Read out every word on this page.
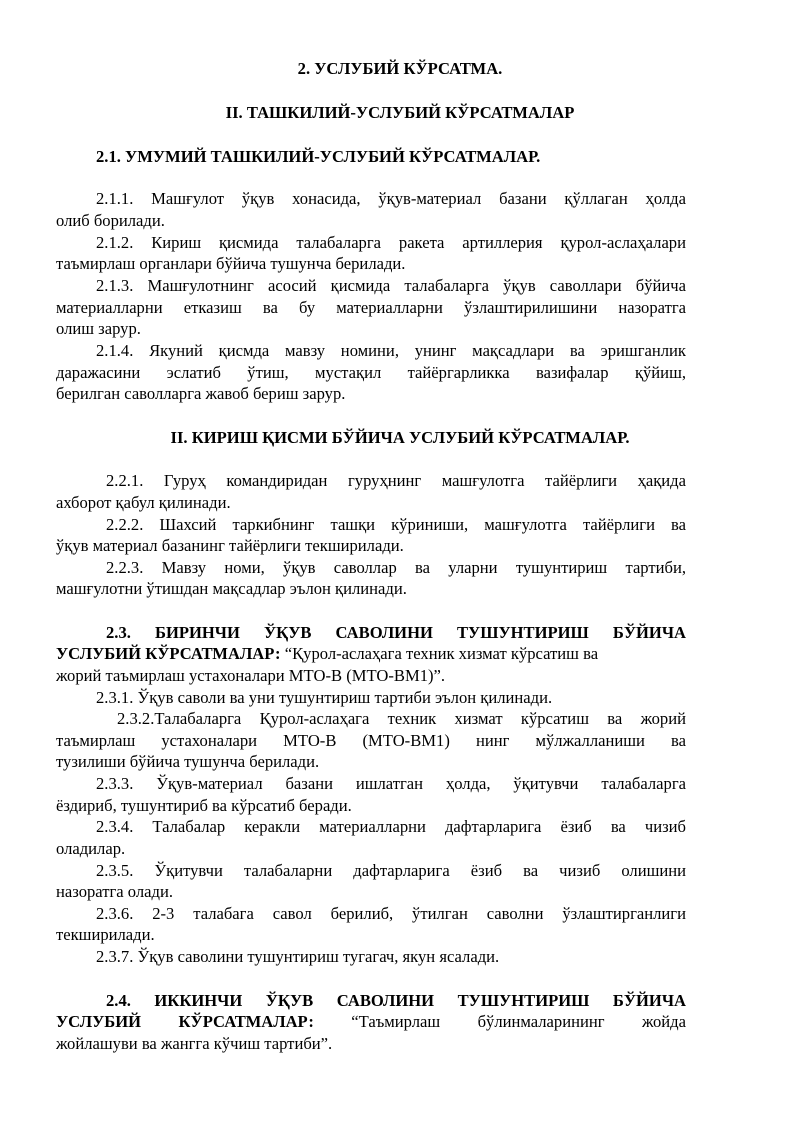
2. УСЛУБИЙ КЎРСАТМА.
II. ТАШКИЛИЙ-УСЛУБИЙ КЎРСАТМАЛАР
2.1. УМУМИЙ ТАШКИЛИЙ-УСЛУБИЙ КЎРСАТМАЛАР.
2.1.1. Машғулот ўқув хонасида, ўқув-материал базани қўллаган ҳолда
олиб борилади.
2.1.2. Кириш қисмида талабаларга ракета артиллерия қурол-аслаҳалари
таъмирлаш органлари бўйича тушунча берилади.
2.1.3. Машғулотнинг асосий қисмида талабаларга ўқув саволлари бўйича
материалларни етказиш ва бу материалларни ўзлаштирилишини назоратга
олиш зарур.
2.1.4. Якуний қисмда мавзу номини, унинг мақсадлари ва эришганлик
даражасини эслатиб ўтиш, мустақил тайёргарликка вазифалар қўйиш,
берилган саволларга жавоб бериш зарур.
II. КИРИШ ҚИСМИ БЎЙИЧА УСЛУБИЙ КЎРСАТМАЛАР.
2.2.1. Гуруҳ командиридан гуруҳнинг машғулотга тайёрлиги ҳақида
ахборот қабул қилинади.
2.2.2. Шахсий таркибнинг ташқи кўриниши, машғулотга тайёрлиги ва
ўқув материал базанинг тайёрлиги текширилади.
2.2.3. Мавзу номи, ўқув саволлар ва уларни тушунтириш тартиби,
машғулотни ўтишдан мақсадлар эълон қилинади.
2.3. БИРИНЧИ ЎҚУВ САВОЛИНИ ТУШУНТИРИШ БЎЙИЧА
УСЛУБИЙ КЎРСАТМАЛАР: “Қурол-аслаҳага техник хизмат кўрсатиш ва
жорий таъмирлаш устахоналари МТО-В (МТО-ВМ1)”.
2.3.1. Ўқув саволи ва уни тушунтириш тартиби эълон қилинади.
2.3.2.Талабаларга Қурол-аслаҳага техник хизмат кўрсатиш ва жорий
таъмирлаш устахоналари МТО-В (МТО-ВМ1) нинг мўлжалланиши ва
тузилиши бўйича тушунча берилади.
2.3.3. Ўқув-материал базани ишлатган ҳолда, ўқитувчи талабаларга
ёздириб, тушунтириб ва кўрсатиб беради.
2.3.4. Талабалар керакли материалларни дафтарларига ёзиб ва чизиб
оладилар.
2.3.5. Ўқитувчи талабаларни дафтарларига ёзиб ва чизиб олишини
назоратга олади.
2.3.6. 2-3 талабага савол берилиб, ўтилган саволни ўзлаштирганлиги
текширилади.
2.3.7. Ўқув саволини тушунтириш тугагач, якун ясалади.
2.4. ИККИНЧИ ЎҚУВ САВОЛИНИ ТУШУНТИРИШ БЎЙИЧА
УСЛУБИЙ КЎРСАТМАЛАР: “Таъмирлаш бўлинмаларининг жойда
жойлашуви ва жангга кўчиш тартиби”.
